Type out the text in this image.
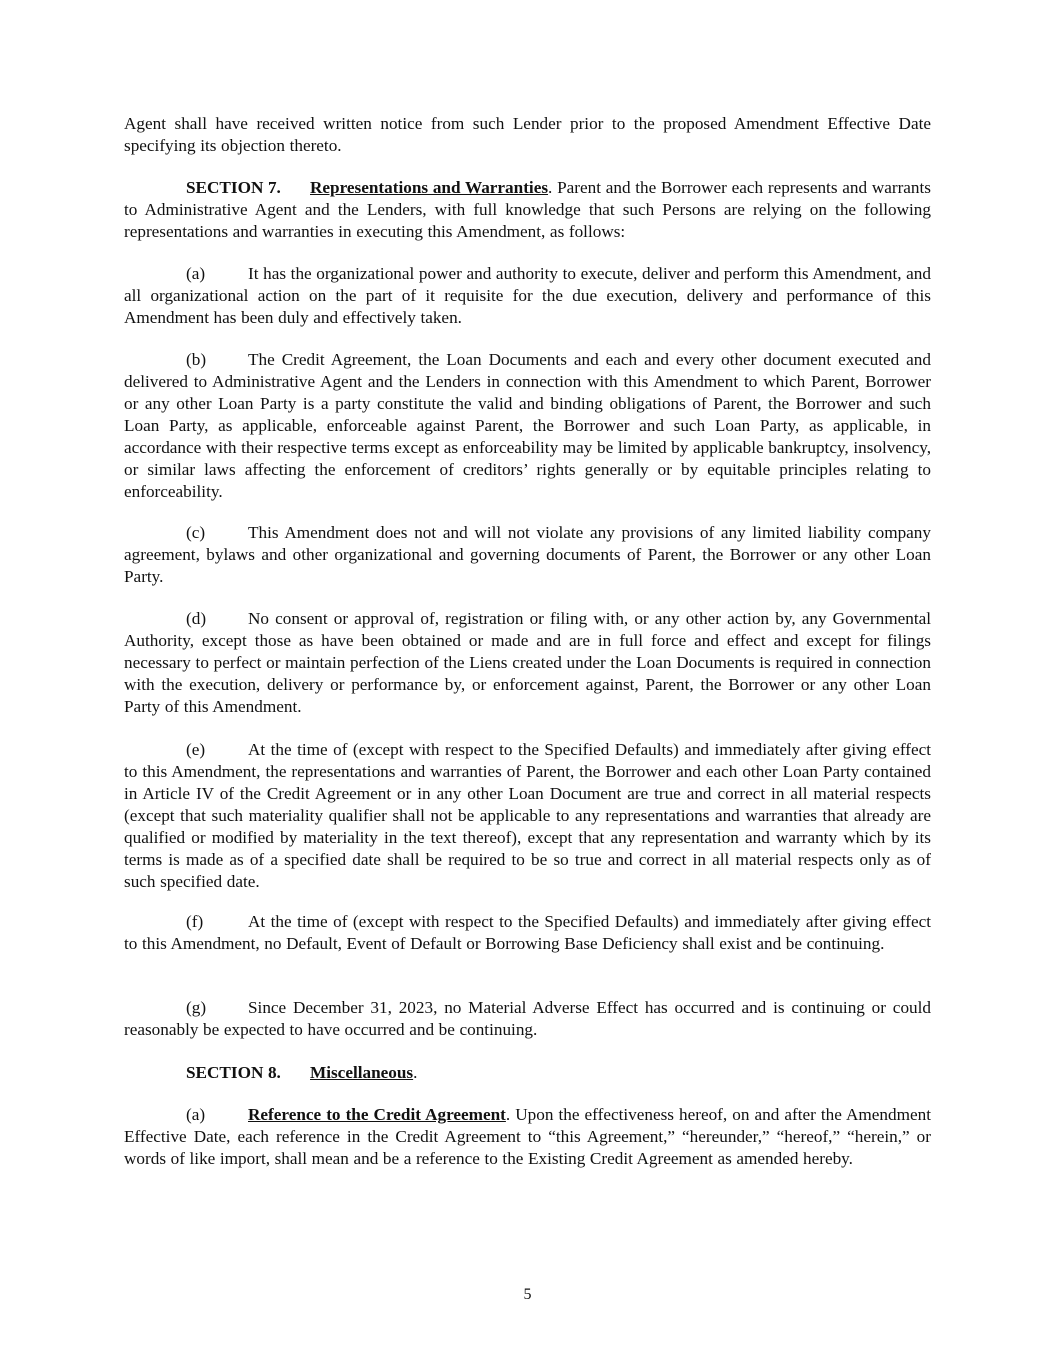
Agent shall have received written notice from such Lender prior to the proposed Amendment Effective Date specifying its objection thereto.

SECTION 7. Representations and Warranties. Parent and the Borrower each represents and warrants to Administrative Agent and the Lenders, with full knowledge that such Persons are relying on the following representations and warranties in executing this Amendment, as follows:

(a) It has the organizational power and authority to execute, deliver and perform this Amendment, and all organizational action on the part of it requisite for the due execution, delivery and performance of this Amendment has been duly and effectively taken.

(b) The Credit Agreement, the Loan Documents and each and every other document executed and delivered to Administrative Agent and the Lenders in connection with this Amendment to which Parent, Borrower or any other Loan Party is a party constitute the valid and binding obligations of Parent, the Borrower and such Loan Party, as applicable, enforceable against Parent, the Borrower and such Loan Party, as applicable, in accordance with their respective terms except as enforceability may be limited by applicable bankruptcy, insolvency, or similar laws affecting the enforcement of creditors’ rights generally or by equitable principles relating to enforceability.

(c) This Amendment does not and will not violate any provisions of any limited liability company agreement, bylaws and other organizational and governing documents of Parent, the Borrower or any other Loan Party.

(d) No consent or approval of, registration or filing with, or any other action by, any Governmental Authority, except those as have been obtained or made and are in full force and effect and except for filings necessary to perfect or maintain perfection of the Liens created under the Loan Documents is required in connection with the execution, delivery or performance by, or enforcement against, Parent, the Borrower or any other Loan Party of this Amendment.

(e) At the time of (except with respect to the Specified Defaults) and immediately after giving effect to this Amendment, the representations and warranties of Parent, the Borrower and each other Loan Party contained in Article IV of the Credit Agreement or in any other Loan Document are true and correct in all material respects (except that such materiality qualifier shall not be applicable to any representations and warranties that already are qualified or modified by materiality in the text thereof), except that any representation and warranty which by its terms is made as of a specified date shall be required to be so true and correct in all material respects only as of such specified date.

(f)	At the time of (except with respect to the Specified Defaults) and immediately after giving effect to this Amendment, no Default, Event of Default or Borrowing Base Deficiency shall exist and be continuing.

(g) Since December 31, 2023, no Material Adverse Effect has occurred and is continuing or could reasonably be expected to have occurred and be continuing.

SECTION 8. Miscellaneous.

(a) Reference to the Credit Agreement. Upon the effectiveness hereof, on and after the Amendment Effective Date, each reference in the Credit Agreement to “this Agreement,” “hereunder,” “hereof,” “herein,” or words of like import, shall mean and be a reference to the Existing Credit Agreement as amended hereby.

5
